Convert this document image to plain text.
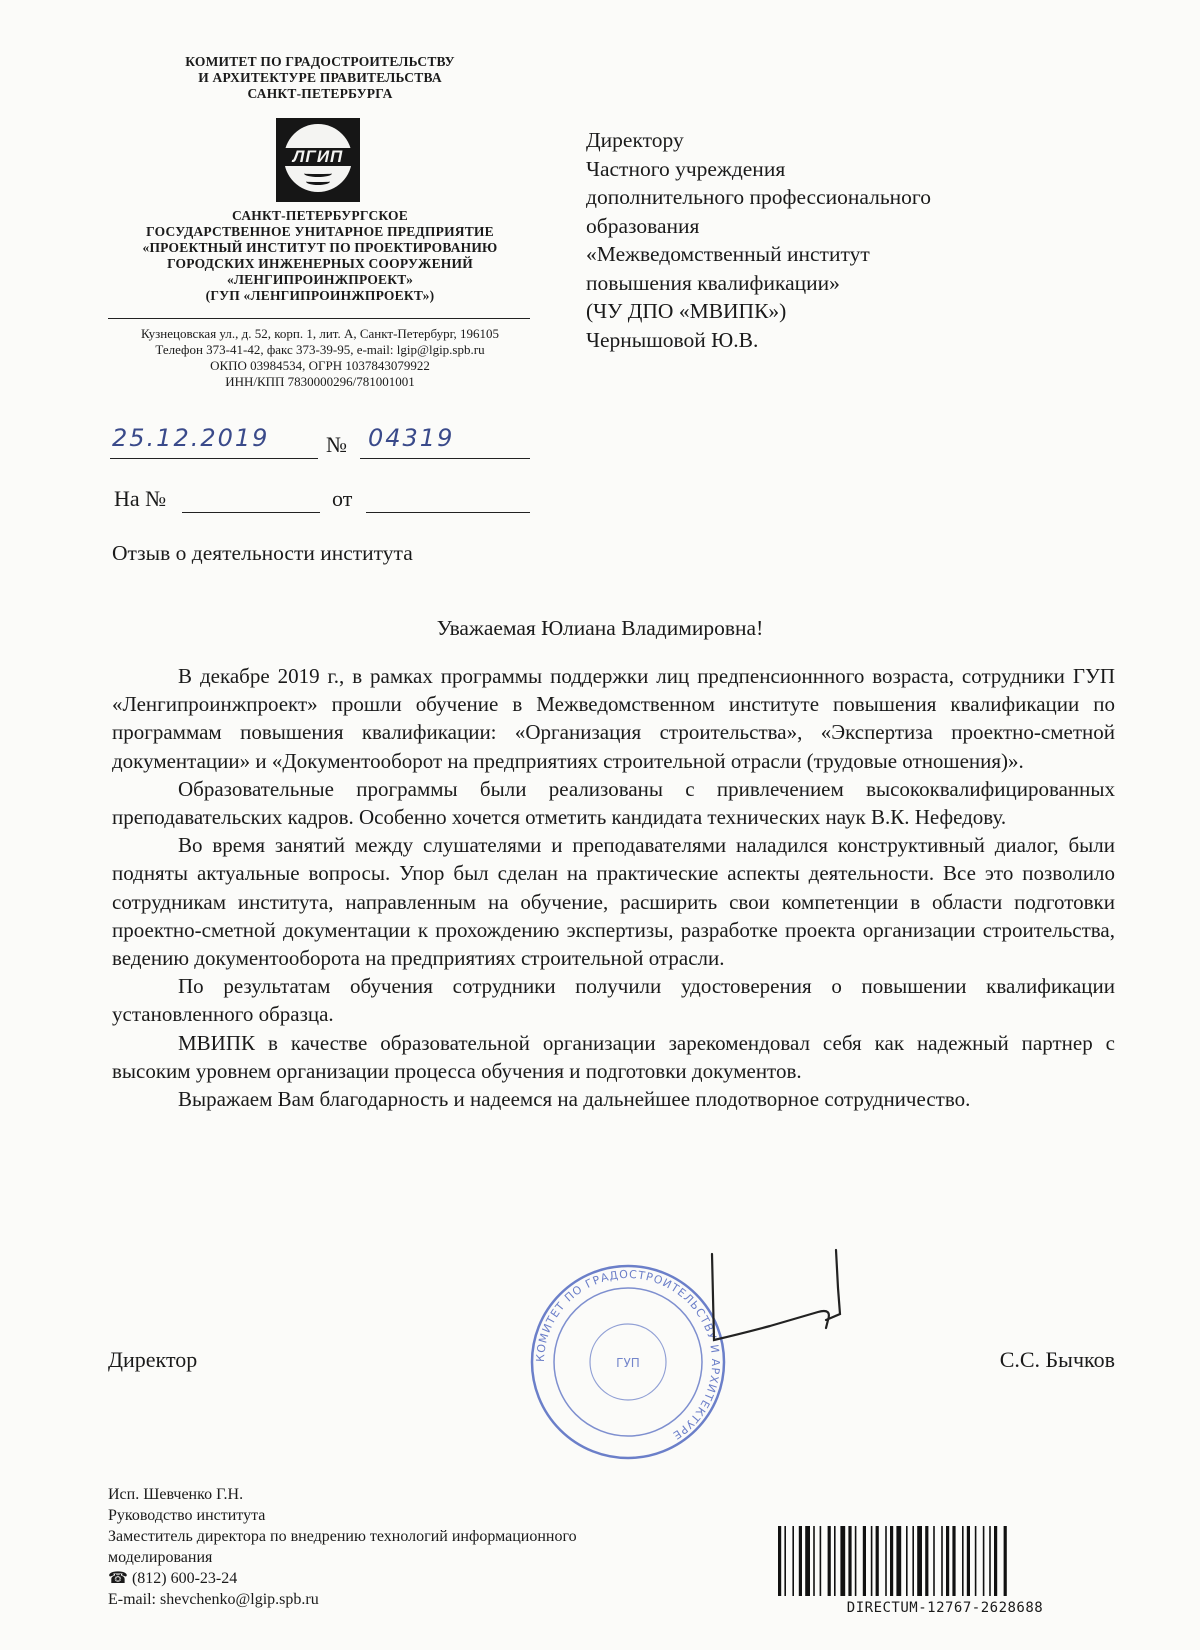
КОМИТЕТ ПО ГРАДОСТРОИТЕЛЬСТВУ
И АРХИТЕКТУРЕ ПРАВИТЕЛЬСТВА
САНКТ-ПЕТЕРБУРГА
ЛГИП
САНКТ-ПЕТЕРБУРГСКОЕ
ГОСУДАРСТВЕННОЕ УНИТАРНОЕ ПРЕДПРИЯТИЕ
«ПРОЕКТНЫЙ ИНСТИТУТ ПО ПРОЕКТИРОВАНИЮ
ГОРОДСКИХ ИНЖЕНЕРНЫХ СООРУЖЕНИЙ
«ЛЕНГИПРОИНЖПРОЕКТ»
(ГУП «ЛЕНГИПРОИНЖПРОЕКТ»)
Кузнецовская ул., д. 52, корп. 1, лит. А, Санкт-Петербург, 196105
Телефон 373-41-42, факс 373-39-95, e-mail: lgip@lgip.spb.ru
ОКПО 03984534, ОГРН 1037843079922
ИНН/КПП 7830000296/781001001
25.12.2019	№ 04319
На №	от
Директору
Частного учреждения
дополнительного профессионального
образования
«Межведомственный институт
повышения квалификации»
(ЧУ ДПО «МВИПК»)
Чернышовой Ю.В.
Отзыв о деятельности института
Уважаемая Юлиана Владимировна!

В декабре 2019 г., в рамках программы поддержки лиц предпенсионнного возраста, сотрудники ГУП «Ленгипроинжпроект» прошли обучение в Межведомственном институте повышения квалификации по программам повышения квалификации: «Организация строительства», «Экспертиза проектно-сметной документации» и «Документооборот на предприятиях строительной отрасли (трудовые отношения)».

Образовательные программы были реализованы с привлечением высококвалифицированных преподавательских кадров. Особенно хочется отметить кандидата технических наук В.К. Нефедову.

Во время занятий между слушателями и преподавателями наладился конструктивный диалог, были подняты актуальные вопросы. Упор был сделан на практические аспекты деятельности. Все это позволило сотрудникам института, направленным на обучение, расширить свои компетенции в области подготовки проектно-сметной документации к прохождению экспертизы, разработке проекта организации строительства, ведению документооборота на предприятиях строительной отрасли.

По результатам обучения сотрудники получили удостоверения о повышении квалификации установленного образца.

МВИПК в качестве образовательной организации зарекомендовал себя как надежный партнер с высоким уровнем организации процесса обучения и подготовки документов.

Выражаем Вам благодарность и надеемся на дальнейшее плодотворное сотрудничество.

КОМИТЕТ ПО ГРАДОСТРОИТЕЛЬСТВУ И АРХИТЕКТУРЕ
ГУП
Директор	С.С. Бычков
Исп. Шевченко Г.Н.
Руководство института
Заместитель директора по внедрению технологий информационного
моделирования
☎ (812) 600-23-24
E-mail: shevchenko@lgip.spb.ru	DIRECTUM-12767-2628688
